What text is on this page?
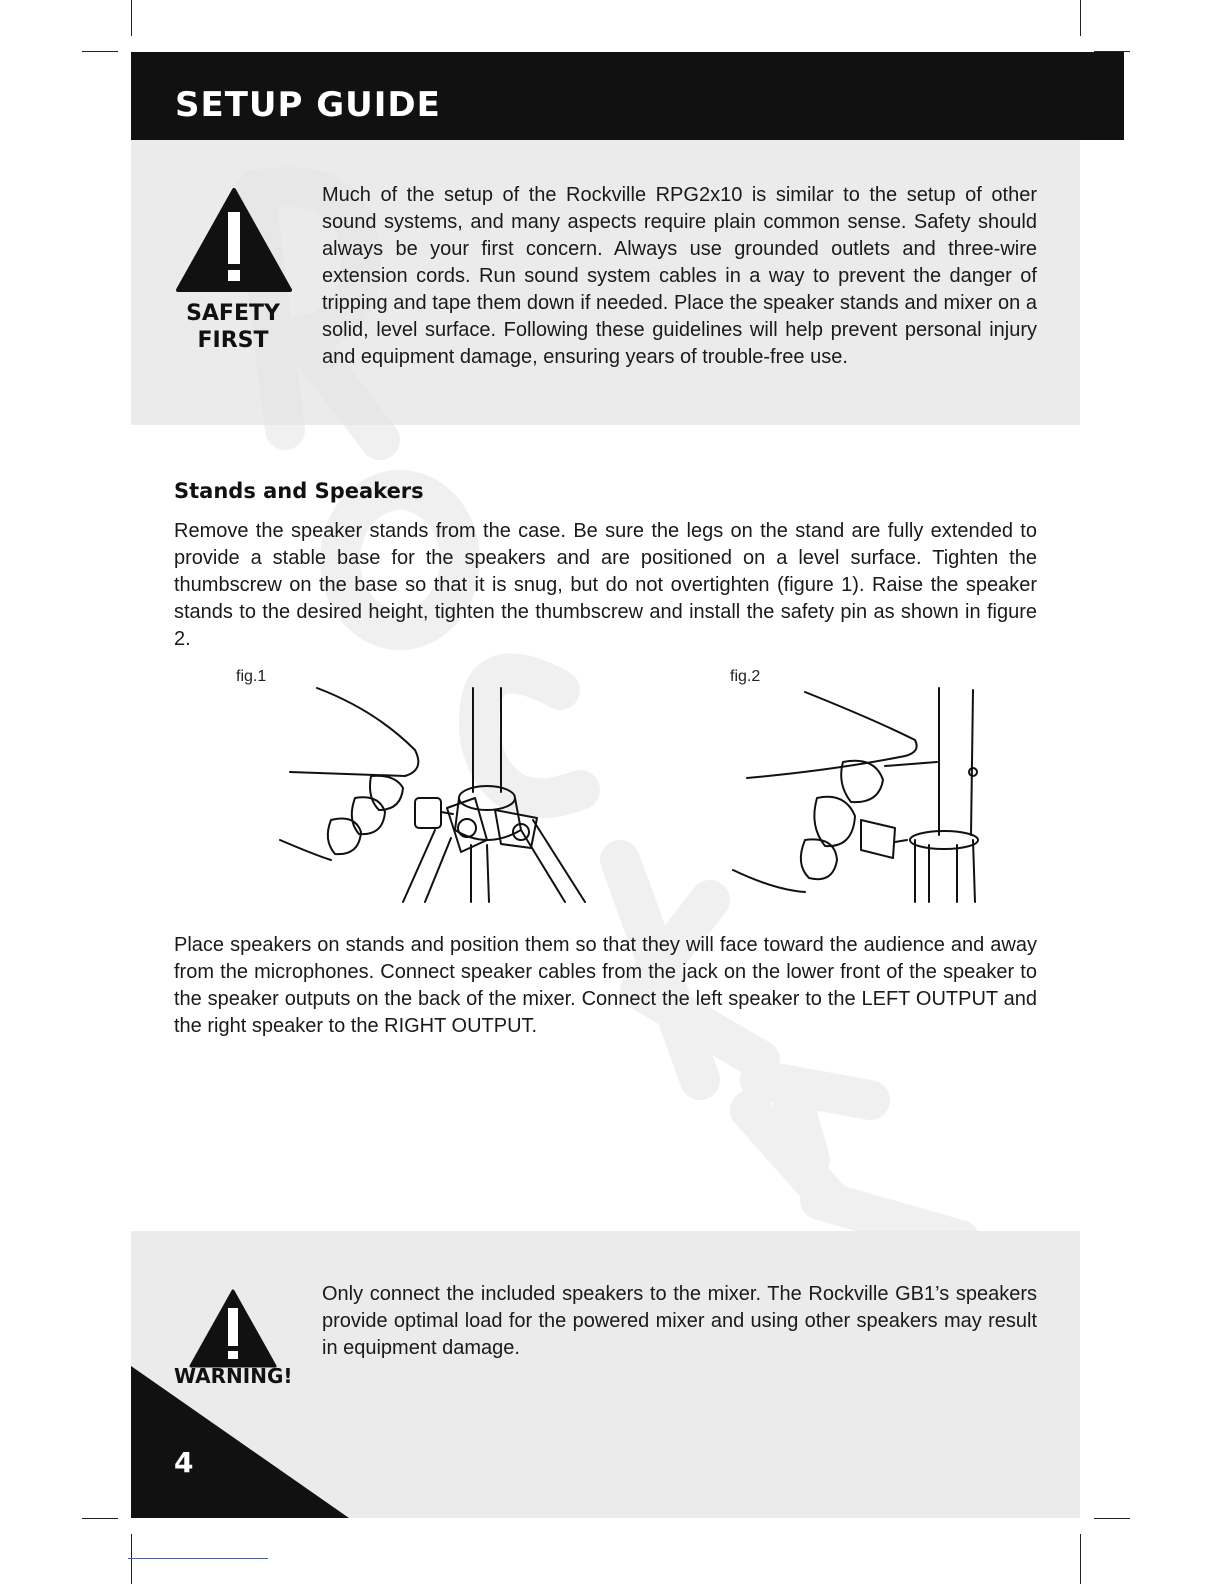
SETUP GUIDE
SAFETY
FIRST

Much of the setup of the Rockville RPG2x10 is similar to the setup of other sound systems, and many aspects require plain common sense. Safety should always be your first concern. Always use grounded outlets and three-wire extension cords. Run sound system cables in a way to prevent the danger of tripping and tape them down if needed. Place the speaker stands and mixer on a solid, level surface. Following these guidelines will help prevent personal injury and equipment damage, ensuring years of trouble-free use.

Stands and Speakers

Remove the speaker stands from the case. Be sure the legs on the stand are fully extended to provide a stable base for the speakers and are positioned on a level surface. Tighten the thumbscrew on the base so that it is snug, but do not overtighten (figure 1). Raise the speaker stands to the desired height, tighten the thumbscrew and install the safety pin as shown in figure 2.

fig.1	fig.2

Place speakers on stands and position them so that they will face toward the audience and away from the microphones. Connect speaker cables from the jack on the lower front of the speaker to the speaker outputs on the back of the mixer. Connect the left speaker to the LEFT OUTPUT and the right speaker to the RIGHT OUTPUT.

WARNING!

Only connect the included speakers to the mixer. The Rockville GB1’s speakers provide optimal load for the powered mixer and using other speakers may result in equipment damage.

4
